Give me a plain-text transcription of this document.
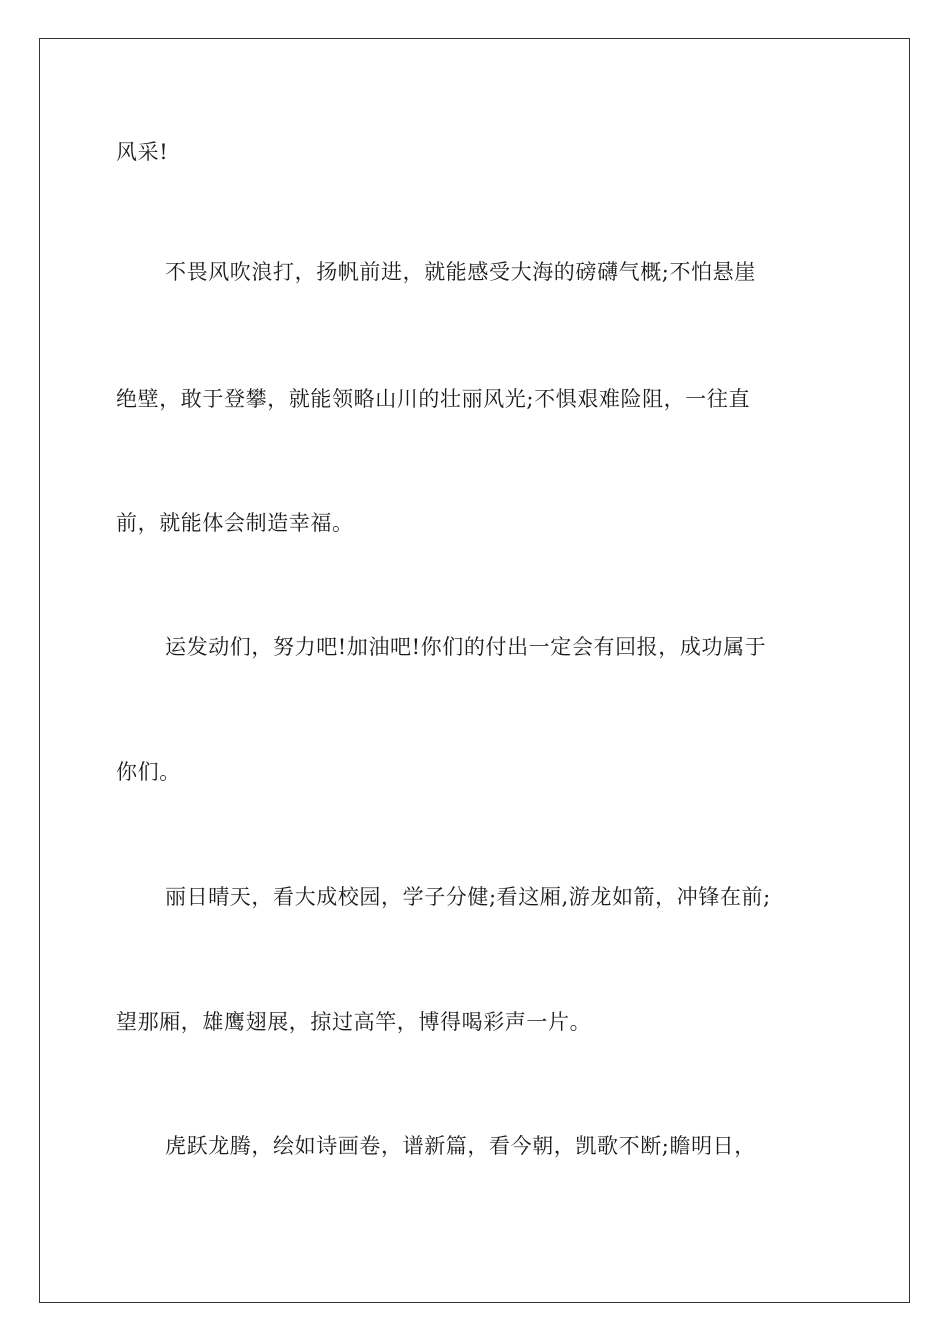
风采!
不畏风吹浪打，扬帆前进，就能感受大海的磅礴气概;不怕悬崖
绝壁，敢于登攀，就能领略山川的壮丽风光;不惧艰难险阻，一往直
前，就能体会制造幸福。
运发动们，努力吧!加油吧!你们的付出一定会有回报，成功属于
你们。
丽日晴天，看大成校园，学子分健;看这厢,游龙如箭，冲锋在前;
望那厢，雄鹰翅展，掠过高竿，博得喝彩声一片。
虎跃龙腾，绘如诗画卷，谱新篇，看今朝，凯歌不断;瞻明日，
